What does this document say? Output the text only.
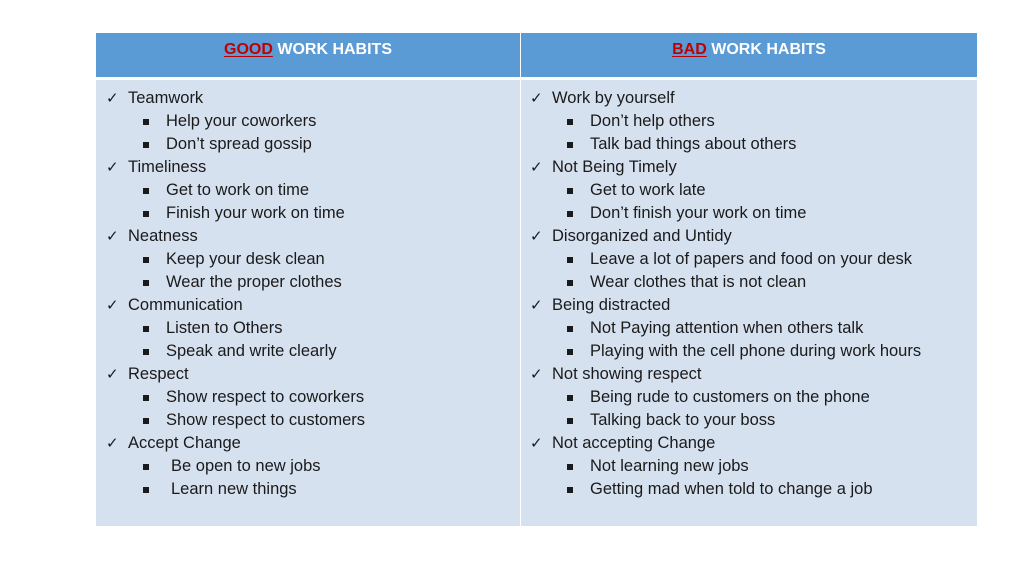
GOOD WORK HABITS	BAD WORK HABITS
✓ Teamwork
Help your coworkers
Don’t spread gossip
✓ Timeliness
Get to work on time
Finish your work on time
✓ Neatness
Keep your desk clean
Wear the proper clothes
✓ Communication
Listen to Others
Speak and write clearly
✓ Respect
Show respect to coworkers
Show respect to customers
✓ Accept Change
Be open to new jobs
Learn new things
✓ Work by yourself
Don’t help others
Talk bad things about others
✓ Not Being Timely
Get to work late
Don’t finish your work on time
✓ Disorganized and Untidy
Leave a lot of papers and food on your desk
Wear clothes that is not clean
✓ Being distracted
Not Paying attention when others talk
Playing with the cell phone during work hours
✓ Not showing respect
Being rude to customers on the phone
Talking back to your boss
✓ Not accepting Change
Not learning new jobs
Getting mad when told to change a job
